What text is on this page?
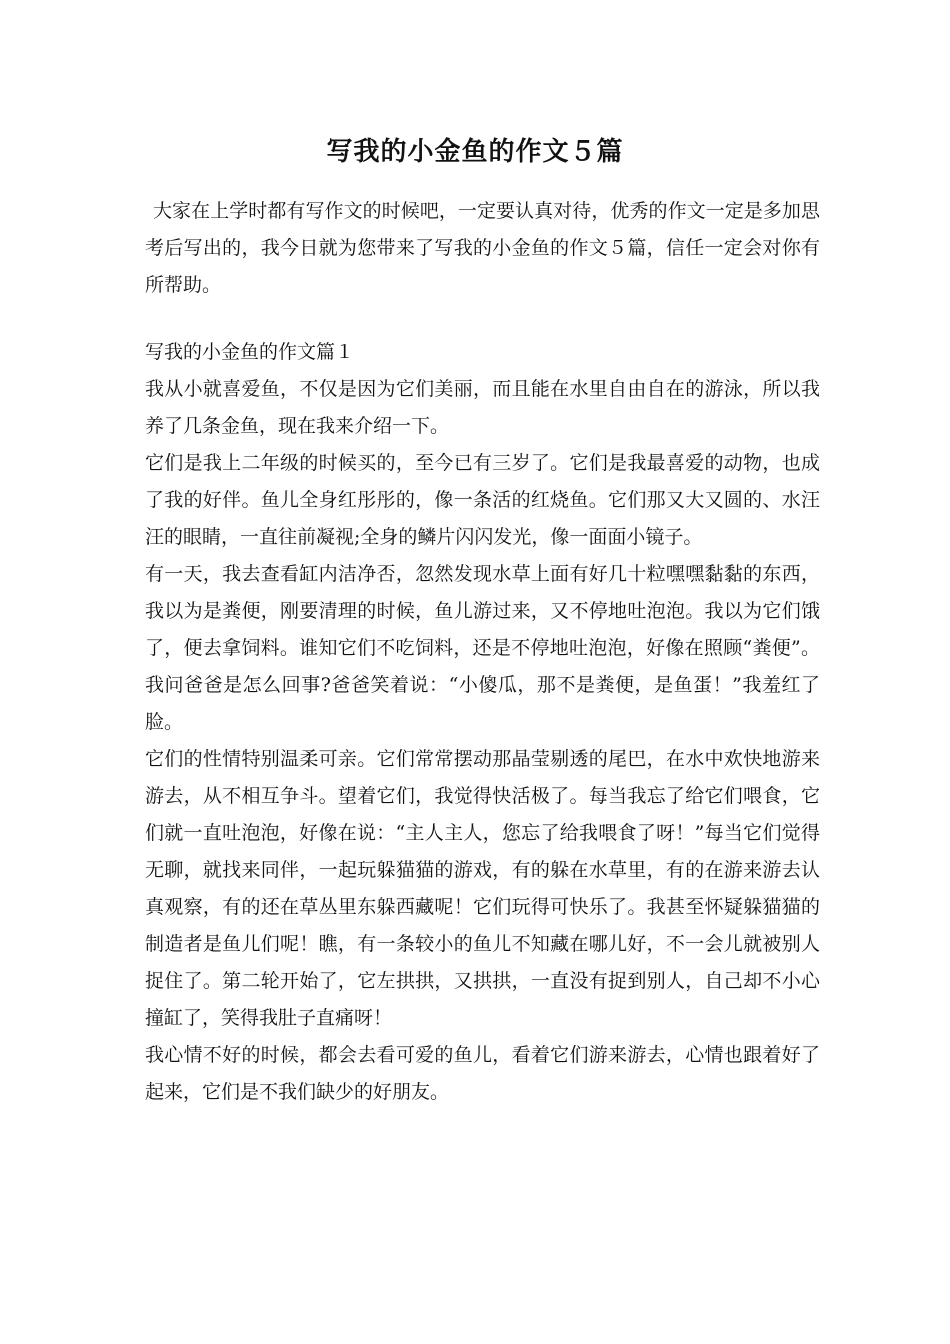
写我的小金鱼的作文５篇

大家在上学时都有写作文的时候吧，一定要认真对待，优秀的作文一定是多加思考后写出的，我今日就为您带来了写我的小金鱼的作文５篇，信任一定会对你有所帮助。

写我的小金鱼的作文篇１

我从小就喜爱鱼，不仅是因为它们美丽，而且能在水里自由自在的游泳，所以我养了几条金鱼，现在我来介绍一下。

它们是我上二年级的时候买的，至今已有三岁了。它们是我最喜爱的动物，也成了我的好伴。鱼儿全身红彤彤的，像一条活的红烧鱼。它们那又大又圆的、水汪汪的眼睛，一直往前凝视;全身的鳞片闪闪发光，像一面面小镜子。

有一天，我去查看缸内洁净否，忽然发现水草上面有好几十粒嘿嘿黏黏的东西，我以为是粪便，刚要清理的时候，鱼儿游过来，又不停地吐泡泡。我以为它们饿了，便去拿饲料。谁知它们不吃饲料，还是不停地吐泡泡，好像在照顾“粪便”。我问爸爸是怎么回事?爸爸笑着说：“小傻瓜，那不是粪便，是鱼蛋！”我羞红了脸。

它们的性情特别温柔可亲。它们常常摆动那晶莹剔透的尾巴，在水中欢快地游来游去，从不相互争斗。望着它们，我觉得快活极了。每当我忘了给它们喂食，它们就一直吐泡泡，好像在说：“主人主人，您忘了给我喂食了呀！”每当它们觉得无聊，就找来同伴，一起玩躲猫猫的游戏，有的躲在水草里，有的在游来游去认真观察，有的还在草丛里东躲西藏呢！它们玩得可快乐了。我甚至怀疑躲猫猫的制造者是鱼儿们呢！瞧，有一条较小的鱼儿不知藏在哪儿好，不一会儿就被别人捉住了。第二轮开始了，它左拱拱，又拱拱，一直没有捉到别人，自己却不小心撞缸了，笑得我肚子直痛呀！

我心情不好的时候，都会去看可爱的鱼儿，看着它们游来游去，心情也跟着好了起来，它们是不我们缺少的好朋友。
